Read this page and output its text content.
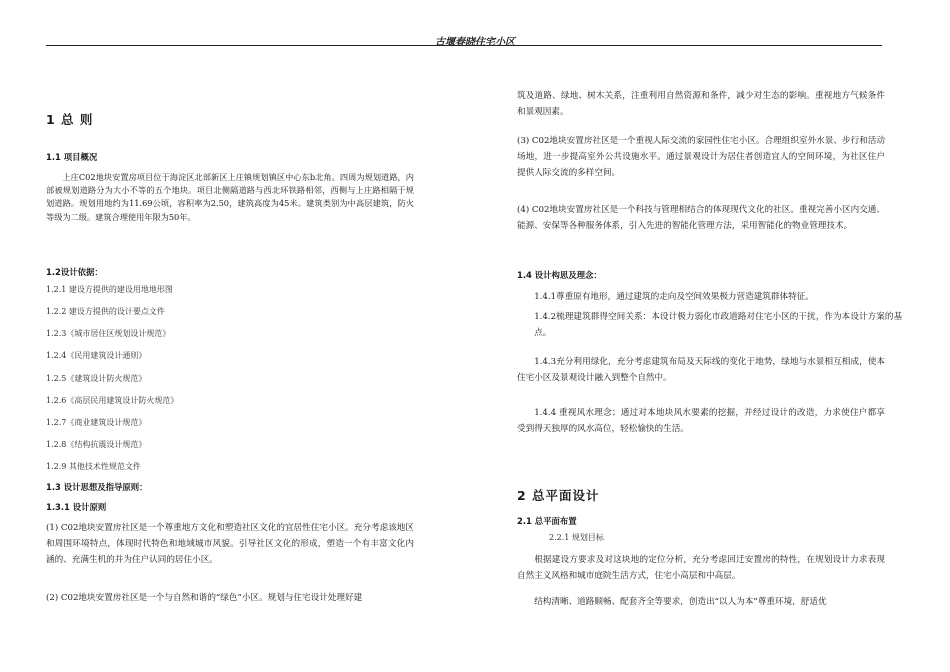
古堰春晓住宅小区
1 总 则
1.1 项目概况
上庄C02地块安置房项目位于海淀区北部新区上庄镇规划镇区中心东b北角。四周为规划道路，内部被规划道路分为大小不等的五个地块。项目北侧隔道路与西北环铁路相邻，西侧与上庄路相隔于规划道路。规划用地约为11.69公顷，容积率为2.50，建筑高度为45米。建筑类别为中高层建筑，防火等级为二级。建筑合理使用年限为50年。
1.2设计依据：
1.2.1 建设方提供的建设用地地形图
1.2.2 建设方提供的设计要点文件
1.2.3《城市居住区规划设计规范》
1.2.4《民用建筑设计通则》
1.2.5《建筑设计防火规范》
1.2.6《高层民用建筑设计防火规范》
1.2.7《商业建筑设计规范》
1.2.8《结构抗震设计规范》
1.2.9 其他技术性规范文件
1.3 设计思想及指导原则：
1.3.1 设计原则
(1) C02地块安置房社区是一个尊重地方文化和塑造社区文化的宜居性住宅小区。充分考虑该地区和周围环境特点，体现时代特色和地域城市风貌。引导社区文化的形成，塑造一个有丰富文化内涵的、充满生机的并为住户认同的居住小区。
(2) C02地块安置房社区是一个与自然和谐的“绿色”小区。规划与住宅设计处理好建
筑及道路、绿地、树木关系，注重利用自然资源和条件，减少对生态的影响。重视地方气候条件和景观因素。
(3) C02地块安置房社区是一个重视人际交流的家园性住宅小区。合理组织室外水景、步行和活动场地，进一步提高室外公共设施水平。通过景观设计为居住者创造宜人的空间环境，为社区住户提供人际交流的多样空间。
(4) C02地块安置房社区是一个科技与管理相结合的体现现代文化的社区。重视完善小区内交通、能源、安保等各种服务体系，引入先进的智能化管理方法，采用智能化的物业管理技术。
1.4 设计构思及理念：
1.4.1尊重原有地形，通过建筑的走向及空间效果极力营造建筑群体特征。
1.4.2梳理建筑群得空间关系：本设计极力弱化市政道路对住宅小区的干扰，作为本设计方案的基点。
1.4.3充分利用绿化，充分考虑建筑布局及天际线的变化于地势，绿地与水景相互相成，使本住宅小区及景观设计融入到整个自然中。
1.4.4 重视风水理念；通过对本地块风水要素的挖掘，并经过设计的改造，力求使住户都享受到得天独厚的风水高位，轻松愉快的生活。
2 总平面设计
2.1 总平面布置
2.2.1 规划目标
根据建设方要求及对这块地的定位分析，充分考虑回迁安置房的特性，在规划设计力求表现自然主义风格和城市庭院生活方式，住宅小高层和中高层。
结构清晰、道路顺畅、配套齐全等要求，创造出“以人为本”尊重环境，舒适优
